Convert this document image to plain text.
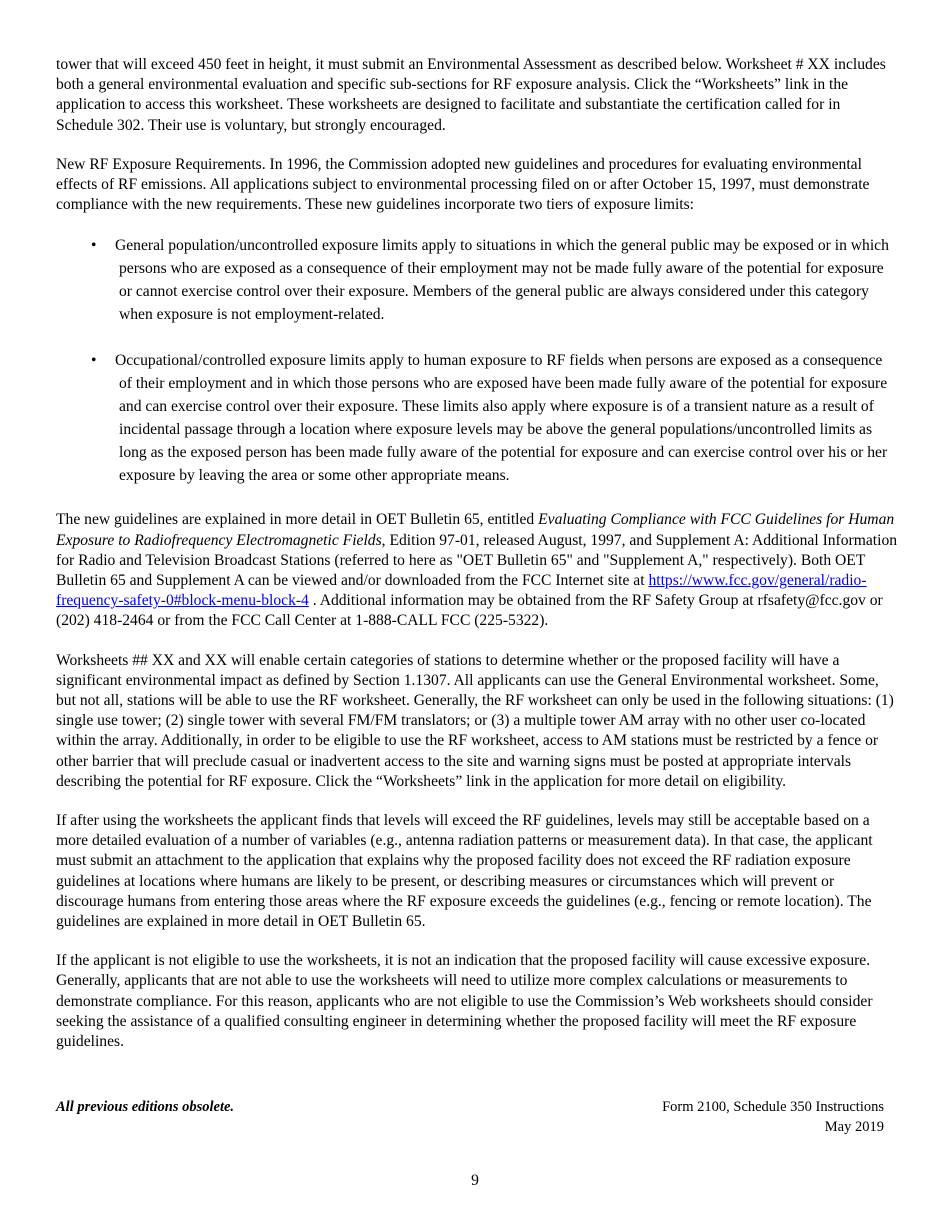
tower that will exceed 450 feet in height, it must submit an Environmental Assessment as described below. Worksheet # XX includes both a general environmental evaluation and specific sub-sections for RF exposure analysis. Click the “Worksheets” link in the application to access this worksheet. These worksheets are designed to facilitate and substantiate the certification called for in Schedule 302. Their use is voluntary, but strongly encouraged.

New RF Exposure Requirements. In 1996, the Commission adopted new guidelines and procedures for evaluating environmental effects of RF emissions. All applications subject to environmental processing filed on or after October 15, 1997, must demonstrate compliance with the new requirements. These new guidelines incorporate two tiers of exposure limits:

• General population/uncontrolled exposure limits apply to situations in which the general public may be exposed or in which persons who are exposed as a consequence of their employment may not be made fully aware of the potential for exposure or cannot exercise control over their exposure. Members of the general public are always considered under this category when exposure is not employment-related.
• Occupational/controlled exposure limits apply to human exposure to RF fields when persons are exposed as a consequence of their employment and in which those persons who are exposed have been made fully aware of the potential for exposure and can exercise control over their exposure. These limits also apply where exposure is of a transient nature as a result of incidental passage through a location where exposure levels may be above the general populations/uncontrolled limits as long as the exposed person has been made fully aware of the potential for exposure and can exercise control over his or her exposure by leaving the area or some other appropriate means.

The new guidelines are explained in more detail in OET Bulletin 65, entitled Evaluating Compliance with FCC Guidelines for Human Exposure to Radiofrequency Electromagnetic Fields, Edition 97-01, released August, 1997, and Supplement A: Additional Information for Radio and Television Broadcast Stations (referred to here as "OET Bulletin 65" and "Supplement A," respectively). Both OET Bulletin 65 and Supplement A can be viewed and/or downloaded from the FCC Internet site at https://www.fcc.gov/general/radio-frequency-safety-0#block-menu-block-4 . Additional information may be obtained from the RF Safety Group at rfsafety@fcc.gov or (202) 418-2464 or from the FCC Call Center at 1-888-CALL FCC (225-5322).

Worksheets ## XX and XX will enable certain categories of stations to determine whether or the proposed facility will have a significant environmental impact as defined by Section 1.1307. All applicants can use the General Environmental worksheet. Some, but not all, stations will be able to use the RF worksheet. Generally, the RF worksheet can only be used in the following situations: (1) single use tower; (2) single tower with several FM/FM translators; or (3) a multiple tower AM array with no other user co-located within the array. Additionally, in order to be eligible to use the RF worksheet, access to AM stations must be restricted by a fence or other barrier that will preclude casual or inadvertent access to the site and warning signs must be posted at appropriate intervals describing the potential for RF exposure. Click the “Worksheets” link in the application for more detail on eligibility.

If after using the worksheets the applicant finds that levels will exceed the RF guidelines, levels may still be acceptable based on a more detailed evaluation of a number of variables (e.g., antenna radiation patterns or measurement data). In that case, the applicant must submit an attachment to the application that explains why the proposed facility does not exceed the RF radiation exposure guidelines at locations where humans are likely to be present, or describing measures or circumstances which will prevent or discourage humans from entering those areas where the RF exposure exceeds the guidelines (e.g., fencing or remote location). The guidelines are explained in more detail in OET Bulletin 65.

If the applicant is not eligible to use the worksheets, it is not an indication that the proposed facility will cause excessive exposure. Generally, applicants that are not able to use the worksheets will need to utilize more complex calculations or measurements to demonstrate compliance. For this reason, applicants who are not eligible to use the Commission’s Web worksheets should consider seeking the assistance of a qualified consulting engineer in determining whether the proposed facility will meet the RF exposure guidelines.

All previous editions obsolete.	Form 2100, Schedule 350 Instructions
May 2019
9
